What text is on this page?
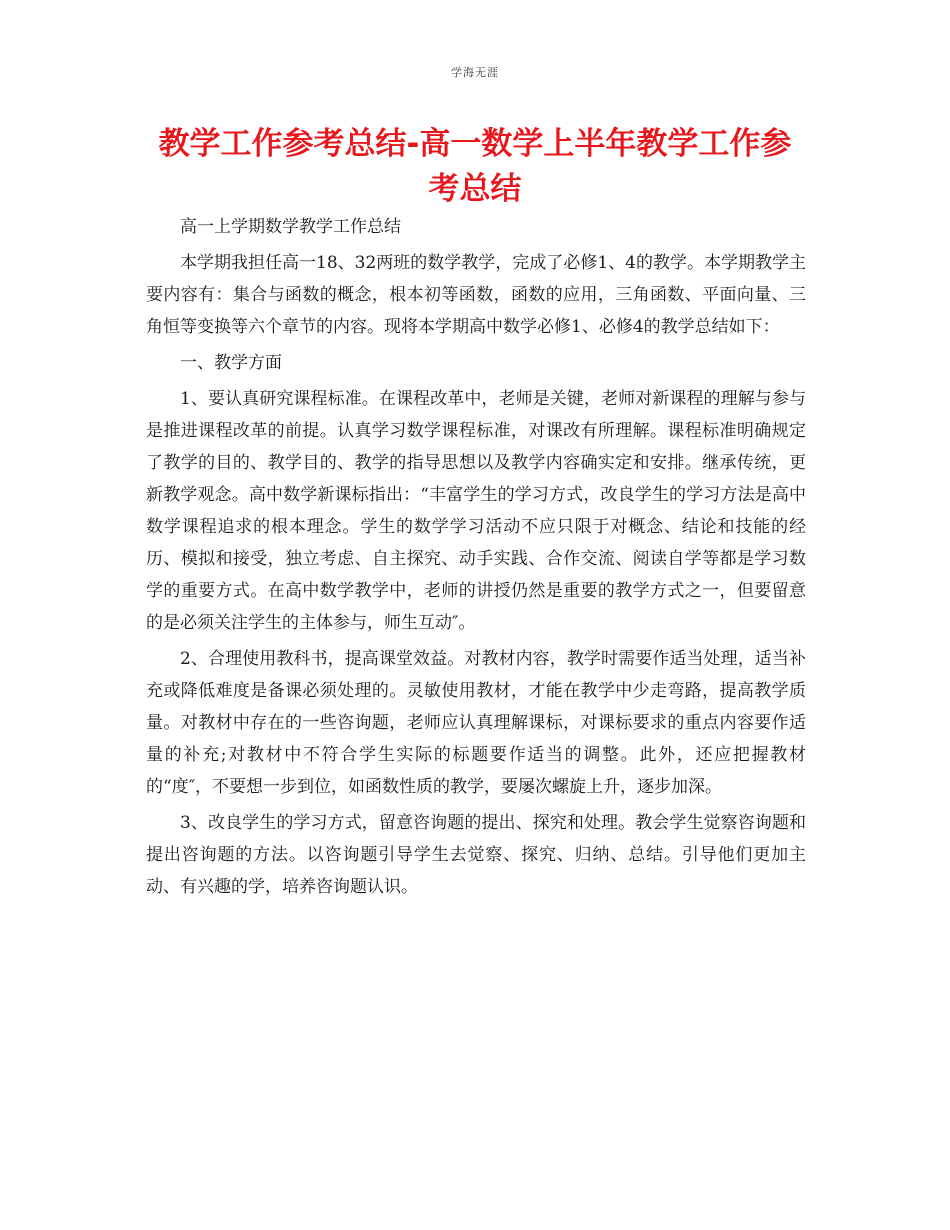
学海无涯
教学工作参考总结-高一数学上半年教学工作参考总结

高一上学期数学教学工作总结

本学期我担任高一18、32两班的数学教学，完成了必修1、4的教学。本学期教学主要内容有：集合与函数的概念，根本初等函数，函数的应用，三角函数、平面向量、三角恒等变换等六个章节的内容。现将本学期高中数学必修1、必修4的教学总结如下：

一、教学方面

1、要认真研究课程标准。在课程改革中，老师是关键，老师对新课程的理解与参与是推进课程改革的前提。认真学习数学课程标准，对课改有所理解。课程标准明确规定了教学的目的、教学目的、教学的指导思想以及教学内容确实定和安排。继承传统，更新教学观念。高中数学新课标指出：“丰富学生的学习方式，改良学生的学习方法是高中数学课程追求的根本理念。学生的数学学习活动不应只限于对概念、结论和技能的经历、模拟和接受，独立考虑、自主探究、动手实践、合作交流、阅读自学等都是学习数学的重要方式。在高中数学教学中，老师的讲授仍然是重要的教学方式之一，但要留意的是必须关注学生的主体参与，师生互动″。

2、合理使用教科书，提高课堂效益。对教材内容，教学时需要作适当处理，适当补充或降低难度是备课必须处理的。灵敏使用教材，才能在教学中少走弯路，提高教学质量。对教材中存在的一些咨询题，老师应认真理解课标，对课标要求的重点内容要作适量的补充;对教材中不符合学生实际的标题要作适当的调整。此外，还应把握教材的“度″，不要想一步到位，如函数性质的教学，要屡次螺旋上升，逐步加深。

3、改良学生的学习方式，留意咨询题的提出、探究和处理。教会学生觉察咨询题和提出咨询题的方法。以咨询题引导学生去觉察、探究、归纳、总结。引导他们更加主动、有兴趣的学，培养咨询题认识。
